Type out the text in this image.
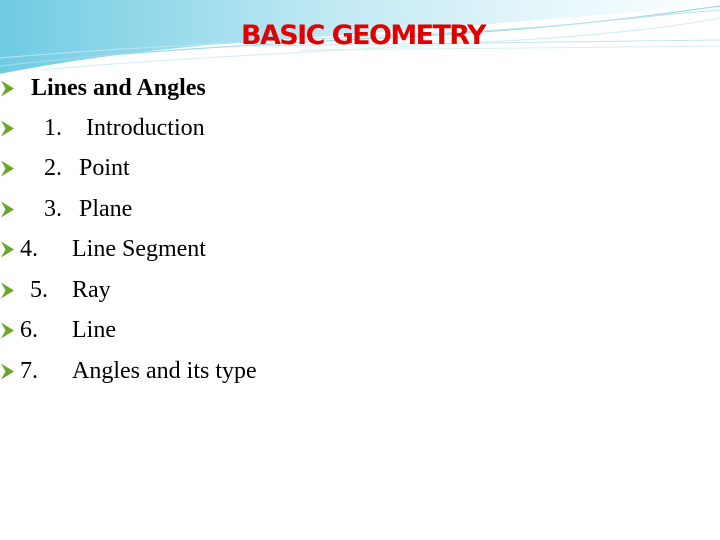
BASIC GEOMETRY
Lines and Angles
1. Introduction
2. Point
3. Plane
4. Line Segment
5. Ray
6. Line
7. Angles and its type
